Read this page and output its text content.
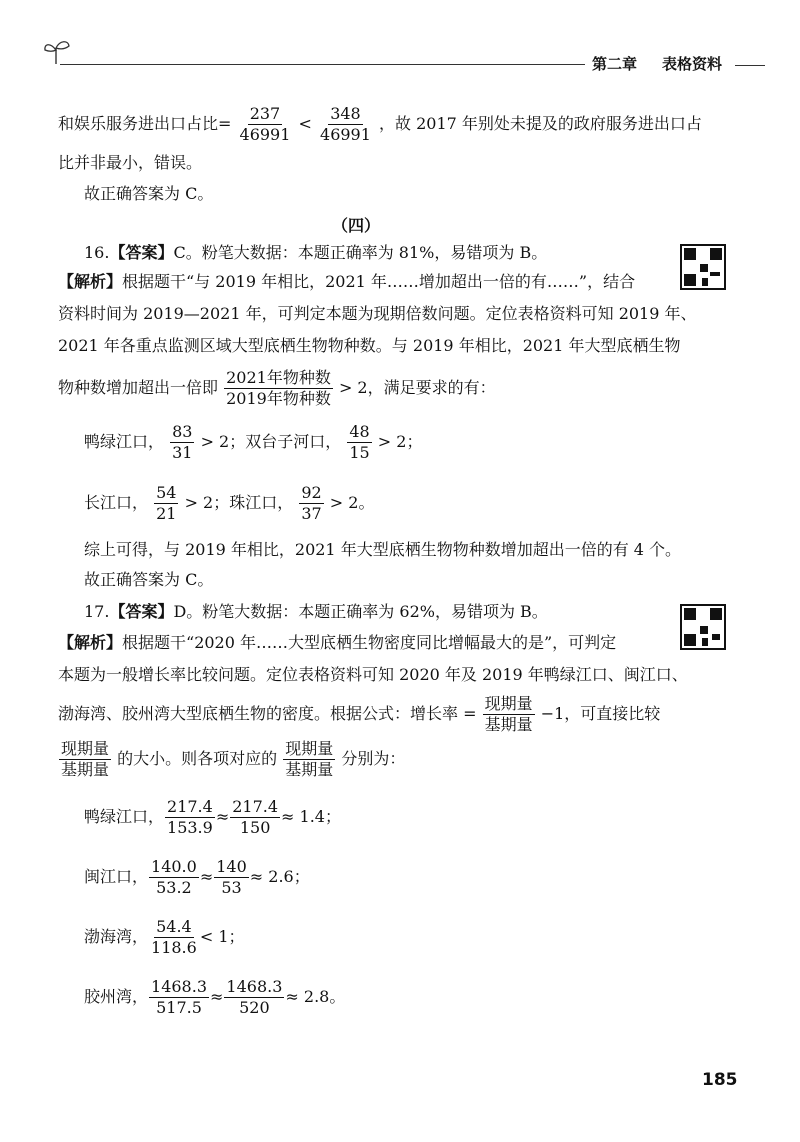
第二章 表格资料
和娱乐服务进出口占比= $\frac{237}{46991} < \frac{348}{46991}$ ，故 2017 年别处未提及的政府服务进出口占
比并非最小，错误。
故正确答案为 C。
（四）
16.【答案】C。粉笔大数据：本题正确率为 81%，易错项为 B。
【解析】根据题干“与 2019 年相比，2021 年……增加超出一倍的有……”，结合
资料时间为 2019—2021 年，可判定本题为现期倍数问题。定位表格资料可知 2019 年、
2021 年各重点监测区域大型底栖生物物种数。与 2019 年相比，2021 年大型底栖生物
物种数增加超出一倍即 $\frac{\text{2021年物种数}}{\text{2019年物种数}} > 2$，满足要求的有：
鸭绿江口， $\frac{83}{31} > 2$；双台子河口， $\frac{48}{15} > 2$；
长江口， $\frac{54}{21} > 2$；珠江口， $\frac{92}{37} > 2$。
综上可得，与 2019 年相比，2021 年大型底栖生物物种数增加超出一倍的有 4 个。
故正确答案为 C。
17.【答案】D。粉笔大数据：本题正确率为 62%，易错项为 B。
【解析】根据题干“2020 年……大型底栖生物密度同比增幅最大的是”，可判定
本题为一般增长率比较问题。定位表格资料可知 2020 年及 2019 年鸭绿江口、闽江口、
渤海湾、胶州湾大型底栖生物的密度。根据公式：增长率 = $\frac{\text{现期量}}{\text{基期量}} -1$，可直接比较
$\frac{\text{现期量}}{\text{基期量}}$ 的大小。则各项对应的 $\frac{\text{现期量}}{\text{基期量}}$ 分别为：
鸭绿江口， $\frac{217.4}{153.9} \approx \frac{217.4}{150} \approx 1.4$；
闽江口， $\frac{140.0}{53.2} \approx \frac{140}{53} \approx 2.6$；
渤海湾， $\frac{54.4}{118.6} < 1$；
胶州湾， $\frac{1468.3}{517.5} \approx \frac{1468.3}{520} \approx 2.8$。
185
